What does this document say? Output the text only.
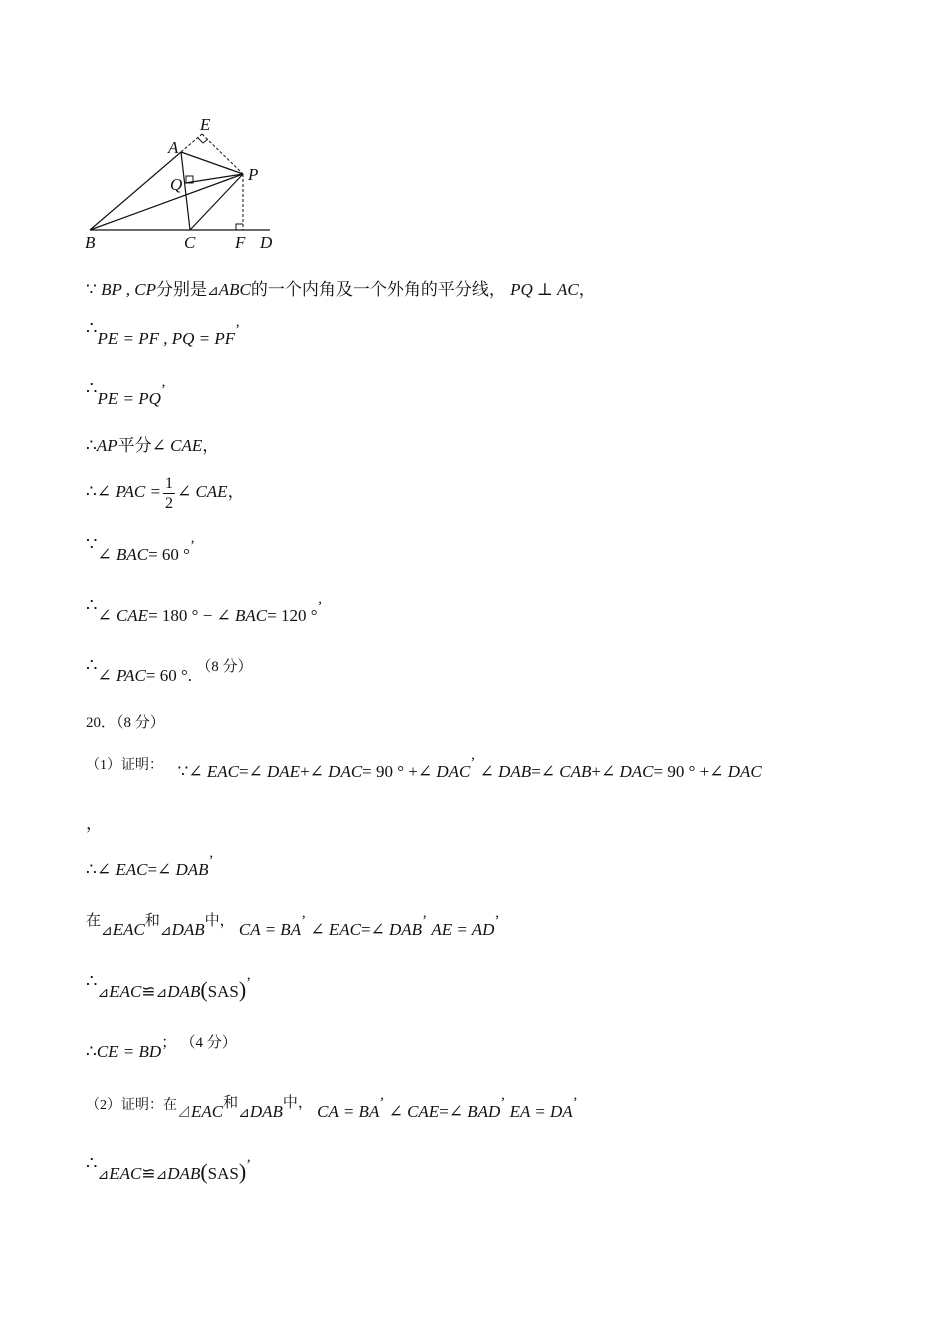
A
E
P
Q
B	C F D
∵ BP , CP分别是⊿ABC的一个内角及一个外角的平分线， PQ ⊥ AC，
∴PE = PF , PQ = PF’
∴PE = PQ’
∴AP平分∠ CAE，
∴∠ PAC = $\frac{1}{2}$ ∠ CAE，
∵∠ BAC= 60 °’
∴∠ CAE= 180 ° − ∠ BAC= 120 °’
∴∠ PAC= 60 °. （8 分）
20．（8 分）
$^{(1)证明:}$ ∵∠ EAC=∠ DAE+∠ DAC= 90 ° +∠ DAC’ ∠ DAB=∠ CAB+∠ DAC= 90 ° +∠ DAC
，
∴∠ EAC=∠ DAB’
在⊿EAC和⊿DAB中， CA = BA’ ∠ EAC=∠ DAB’ AE = AD’
∴⊿EAC≌⊿DAB(SAS)’
∴CE = BD； （4 分）
$^{(2)证明:在}$⊿EAC和⊿DAB中， CA = BA’ ∠ CAE=∠ BAD’ EA = DA’
∴⊿EAC≌⊿DAB(SAS)’
